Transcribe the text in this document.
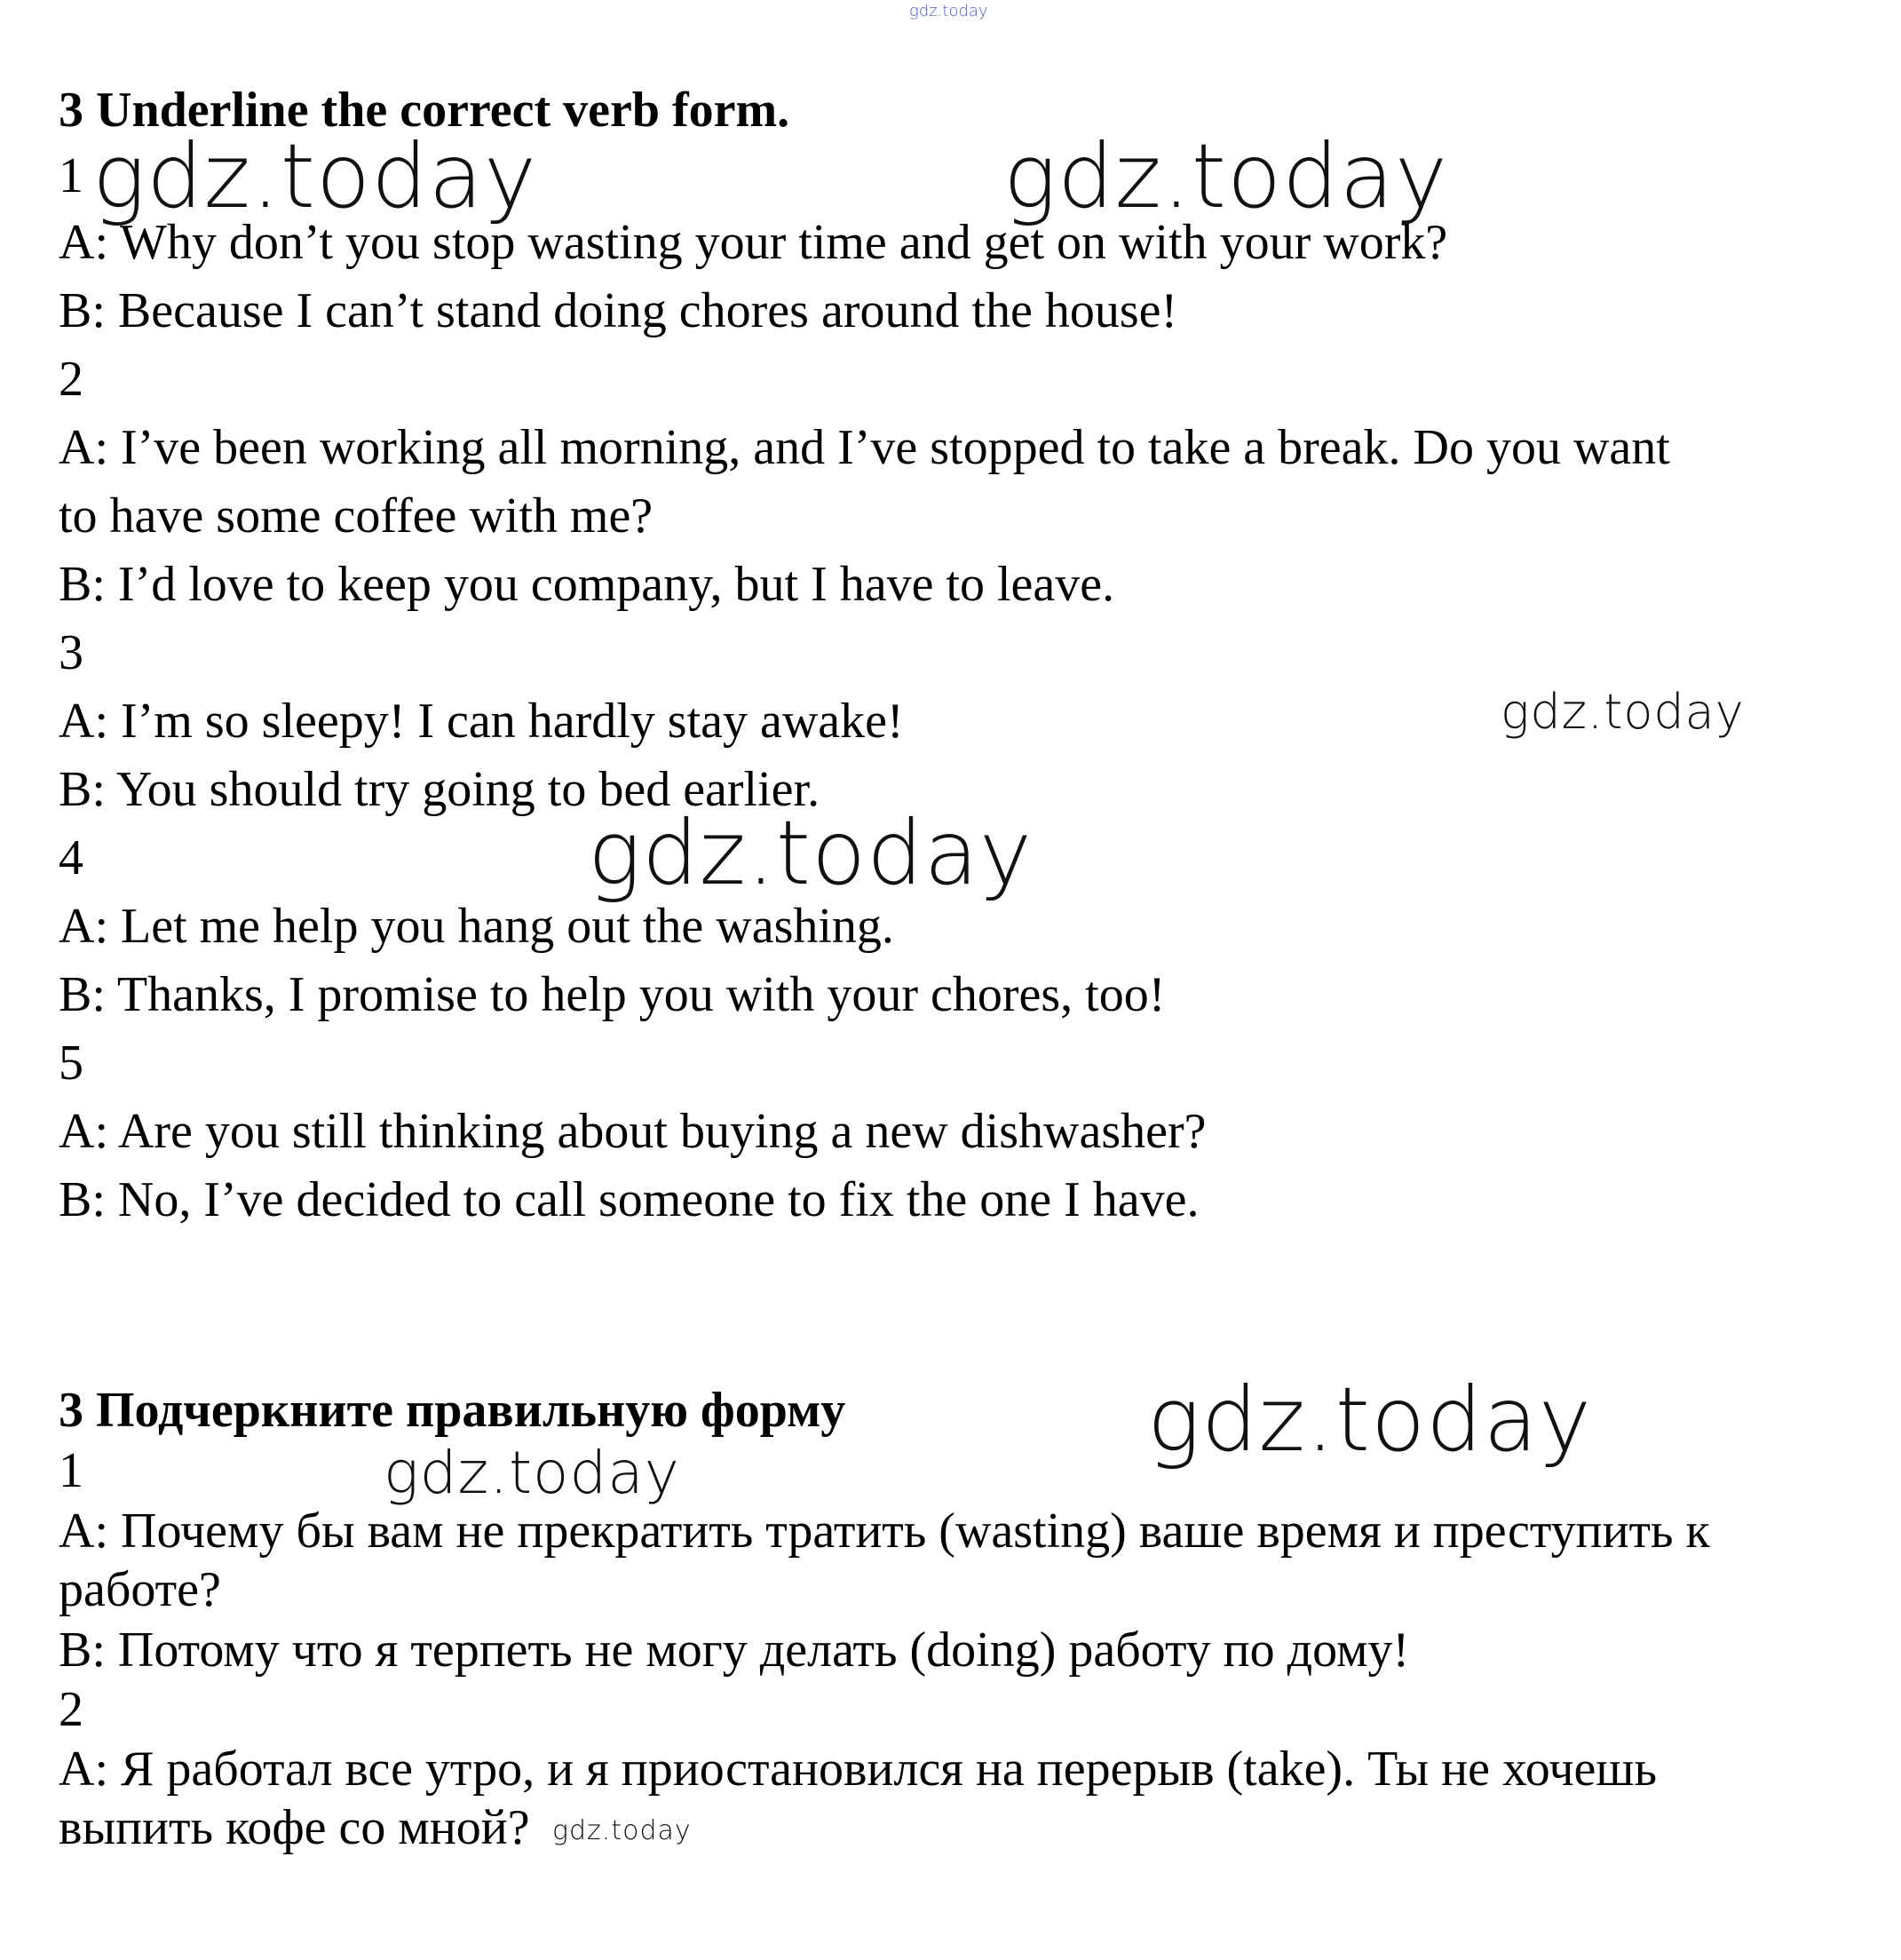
gdz.today
3 Underline the correct verb form.
1 gdz.today	gdz.today
A: Why don’t you stop wasting your time and get on with your work?
B: Because I can’t stand doing chores around the house!
2
A: I’ve been working all morning, and I’ve stopped to take a break. Do you want
to have some coffee with me?
B: I’d love to keep you company, but I have to leave.
3
A: I’m so sleepy! I can hardly stay awake!	gdz.today
B: You should try going to bed earlier.
gdz.today
4
A: Let me help you hang out the washing.
B: Thanks, I promise to help you with your chores, too!
5
A: Are you still thinking about buying a new dishwasher?
B: No, I’ve decided to call someone to fix the one I have.
3 Подчеркните правильную форму	gdz.today
1	gdz.today
A: Почему бы вам не прекратить тратить (wasting) ваше время и преступить к
работе?
B: Потому что я терпеть не могу делать (doing) работу по дому!
2
A: Я работал все утро, и я приостановился на перерыв (take). Ты не хочешь
выпить кофе со мной? gdz.today
